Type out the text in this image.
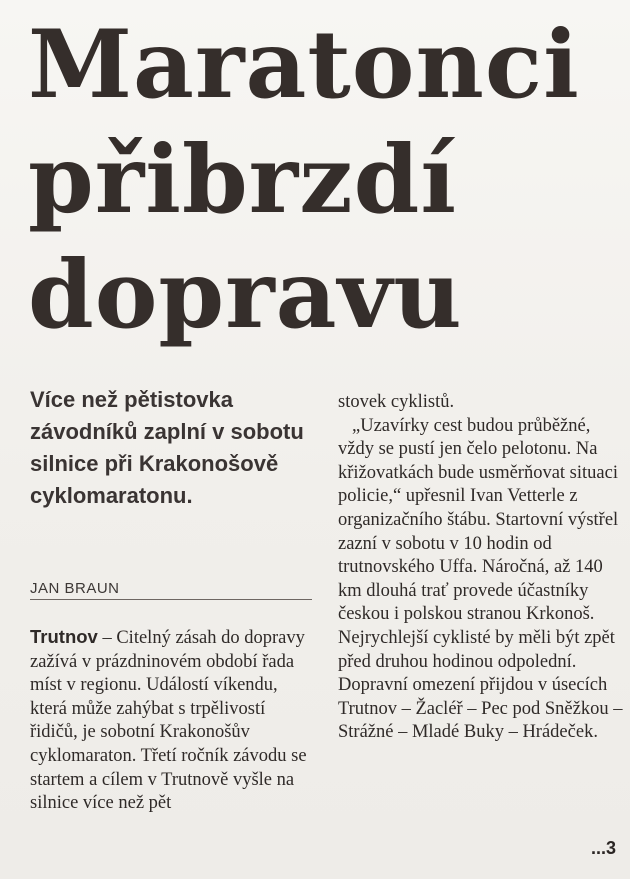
Maratonci
přibrzdí
dopravu
Více než pětistovka závodníků zaplní v sobotu silnice při Krakonošově cyklomaratonu.
JAN BRAUN

Trutnov – Citelný zásah do dopravy zažívá v prázdninovém období řada míst v regionu. Událostí víkendu, která může zahýbat s trpělivostí řidičů, je sobotní Krakonošův cyklomaraton. Třetí ročník závodu se startem a cílem v Trutnově vyšle na silnice více než pět

stovek cyklistů.

„Uzavírky cest budou průběžné, vždy se pustí jen čelo pelotonu. Na křižovatkách bude usměrňovat situaci policie,“ upřesnil Ivan Vetterle z organizačního štábu. Startovní výstřel zazní v sobotu v 10 hodin od trutnovského Uffa. Náročná, až 140 km dlouhá trať provede účastníky českou i polskou stranou Krkonoš. Nejrychlejší cyklisté by měli být zpět před druhou hodinou odpolední. Dopravní omezení přijdou v úsecích Trutnov – Žacléř – Pec pod Sněžkou – Strážné – Mladé Buky – Hrádeček.

...3
